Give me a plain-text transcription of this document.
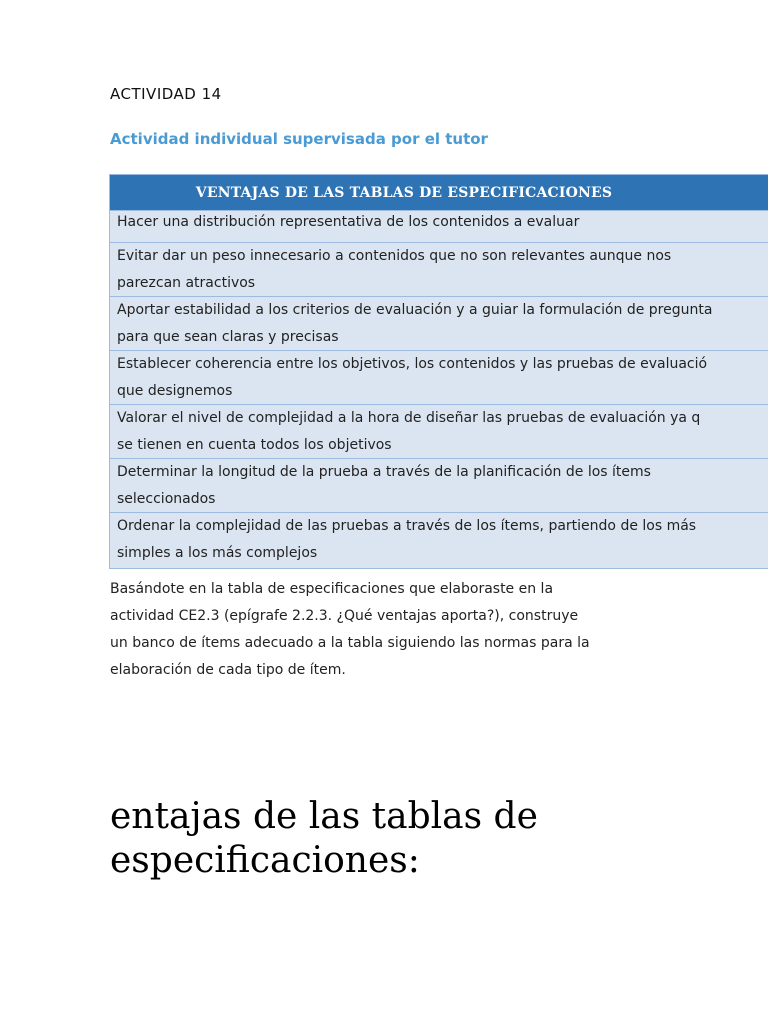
ACTIVIDAD 14
Actividad individual supervisada por el tutor
VENTAJAS DE LAS TABLAS DE ESPECIFICACIONES

Hacer una distribución representativa de los contenidos a evaluar

Evitar dar un peso innecesario a contenidos que no son relevantes aunque nos
parezcan atractivos

Aportar estabilidad a los criterios de evaluación y a guiar la formulación de pregunta
para que sean claras y precisas

Establecer coherencia entre los objetivos, los contenidos y las pruebas de evaluació
que designemos

Valorar el nivel de complejidad a la hora de diseñar las pruebas de evaluación ya q
se tienen en cuenta todos los objetivos

Determinar la longitud de la prueba a través de la planificación de los ítems
seleccionados

Ordenar la complejidad de las pruebas a través de los ítems, partiendo de los más
simples a los más complejos
Basándote en la tabla de especificaciones que elaboraste en la
actividad CE2.3 (epígrafe 2.2.3. ¿Qué ventajas aporta?), construye
un banco de ítems adecuado a la tabla siguiendo las normas para la
elaboración de cada tipo de ítem.
entajas de las tablas de
especificaciones:
